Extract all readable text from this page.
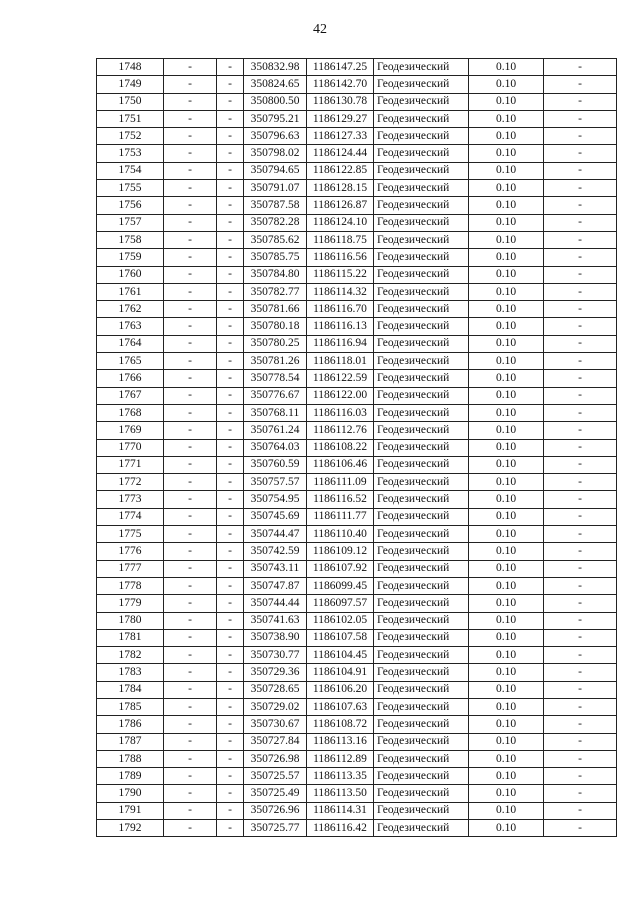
42
1748	-	-	350832.98	1186147.25	Геодезический	0.10	-
1749	-	-	350824.65	1186142.70	Геодезический	0.10	-
1750	-	-	350800.50	1186130.78	Геодезический	0.10	-
1751	-	-	350795.21	1186129.27	Геодезический	0.10	-
1752	-	-	350796.63	1186127.33	Геодезический	0.10	-
1753	-	-	350798.02	1186124.44	Геодезический	0.10	-
1754	-	-	350794.65	1186122.85	Геодезический	0.10	-
1755	-	-	350791.07	1186128.15	Геодезический	0.10	-
1756	-	-	350787.58	1186126.87	Геодезический	0.10	-
1757	-	-	350782.28	1186124.10	Геодезический	0.10	-
1758	-	-	350785.62	1186118.75	Геодезический	0.10	-
1759	-	-	350785.75	1186116.56	Геодезический	0.10	-
1760	-	-	350784.80	1186115.22	Геодезический	0.10	-
1761	-	-	350782.77	1186114.32	Геодезический	0.10	-
1762	-	-	350781.66	1186116.70	Геодезический	0.10	-
1763	-	-	350780.18	1186116.13	Геодезический	0.10	-
1764	-	-	350780.25	1186116.94	Геодезический	0.10	-
1765	-	-	350781.26	1186118.01	Геодезический	0.10	-
1766	-	-	350778.54	1186122.59	Геодезический	0.10	-
1767	-	-	350776.67	1186122.00	Геодезический	0.10	-
1768	-	-	350768.11	1186116.03	Геодезический	0.10	-
1769	-	-	350761.24	1186112.76	Геодезический	0.10	-
1770	-	-	350764.03	1186108.22	Геодезический	0.10	-
1771	-	-	350760.59	1186106.46	Геодезический	0.10	-
1772	-	-	350757.57	1186111.09	Геодезический	0.10	-
1773	-	-	350754.95	1186116.52	Геодезический	0.10	-
1774	-	-	350745.69	1186111.77	Геодезический	0.10	-
1775	-	-	350744.47	1186110.40	Геодезический	0.10	-
1776	-	-	350742.59	1186109.12	Геодезический	0.10	-
1777	-	-	350743.11	1186107.92	Геодезический	0.10	-
1778	-	-	350747.87	1186099.45	Геодезический	0.10	-
1779	-	-	350744.44	1186097.57	Геодезический	0.10	-
1780	-	-	350741.63	1186102.05	Геодезический	0.10	-
1781	-	-	350738.90	1186107.58	Геодезический	0.10	-
1782	-	-	350730.77	1186104.45	Геодезический	0.10	-
1783	-	-	350729.36	1186104.91	Геодезический	0.10	-
1784	-	-	350728.65	1186106.20	Геодезический	0.10	-
1785	-	-	350729.02	1186107.63	Геодезический	0.10	-
1786	-	-	350730.67	1186108.72	Геодезический	0.10	-
1787	-	-	350727.84	1186113.16	Геодезический	0.10	-
1788	-	-	350726.98	1186112.89	Геодезический	0.10	-
1789	-	-	350725.57	1186113.35	Геодезический	0.10	-
1790	-	-	350725.49	1186113.50	Геодезический	0.10	-
1791	-	-	350726.96	1186114.31	Геодезический	0.10	-
1792	-	-	350725.77	1186116.42	Геодезический	0.10	-
